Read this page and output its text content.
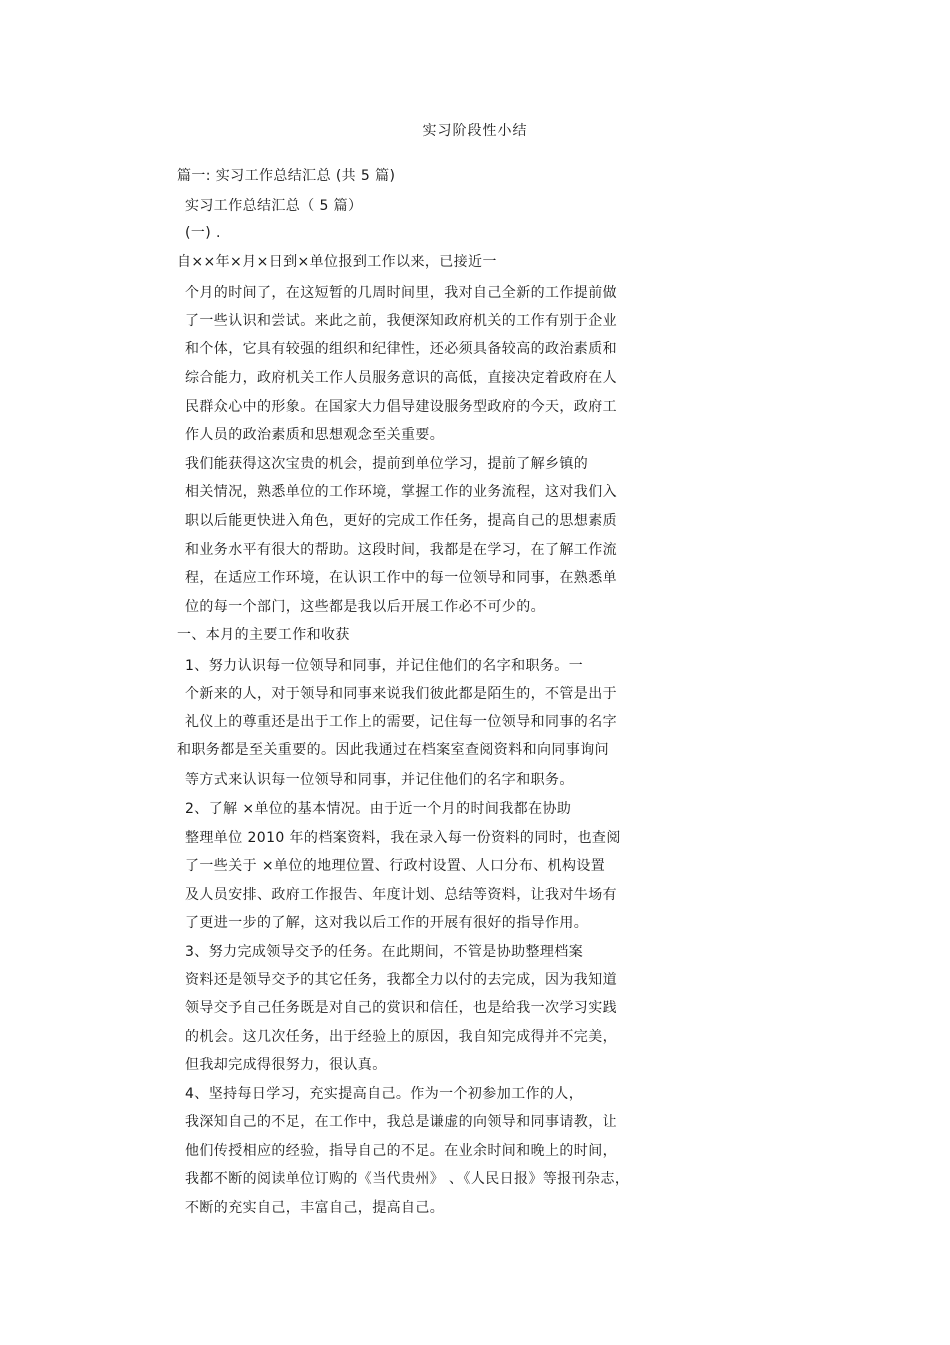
实习阶段性小结
篇一: 实习工作总结汇总 (共 5 篇)
实习工作总结汇总（ 5 篇）
(一) .
自××年×月×日到×单位报到工作以来，已接近一
个月的时间了，在这短暂的几周时间里，我对自己全新的工作提前做
了一些认识和尝试。来此之前，我便深知政府机关的工作有别于企业
和个体，它具有较强的组织和纪律性，还必须具备较高的政治素质和
综合能力，政府机关工作人员服务意识的高低，直接决定着政府在人
民群众心中的形象。在国家大力倡导建设服务型政府的今天，政府工
作人员的政治素质和思想观念至关重要。
我们能获得这次宝贵的机会，提前到单位学习，提前了解乡镇的
相关情况，熟悉单位的工作环境，掌握工作的业务流程，这对我们入
职以后能更快进入角色，更好的完成工作任务，提高自己的思想素质
和业务水平有很大的帮助。这段时间，我都是在学习，在了解工作流
程，在适应工作环境，在认识工作中的每一位领导和同事，在熟悉单
位的每一个部门，这些都是我以后开展工作必不可少的。
一、本月的主要工作和收获
1、努力认识每一位领导和同事，并记住他们的名字和职务。一
个新来的人，对于领导和同事来说我们彼此都是陌生的，不管是出于
礼仪上的尊重还是出于工作上的需要，记住每一位领导和同事的名字
和职务都是至关重要的。因此我通过在档案室查阅资料和向同事询问
等方式来认识每一位领导和同事，并记住他们的名字和职务。
2、了解 ×单位的基本情况。由于近一个月的时间我都在协助
整理单位 2010 年的档案资料，我在录入每一份资料的同时，也查阅
了一些关于 ×单位的地理位置、行政村设置、人口分布、机构设置
及人员安排、政府工作报告、年度计划、总结等资料，让我对牛场有
了更进一步的了解，这对我以后工作的开展有很好的指导作用。
3、努力完成领导交予的任务。在此期间，不管是协助整理档案
资料还是领导交予的其它任务，我都全力以付的去完成，因为我知道
领导交予自己任务既是对自己的赏识和信任，也是给我一次学习实践
的机会。这几次任务，出于经验上的原因，我自知完成得并不完美，
但我却完成得很努力，很认真。
4、坚持每日学习，充实提高自己。作为一个初参加工作的人，
我深知自己的不足，在工作中，我总是谦虚的向领导和同事请教，让
他们传授相应的经验，指导自己的不足。在业余时间和晚上的时间，
我都不断的阅读单位订购的《当代贵州》 、《人民日报》等报刊杂志，
不断的充实自己，丰富自己，提高自己。
